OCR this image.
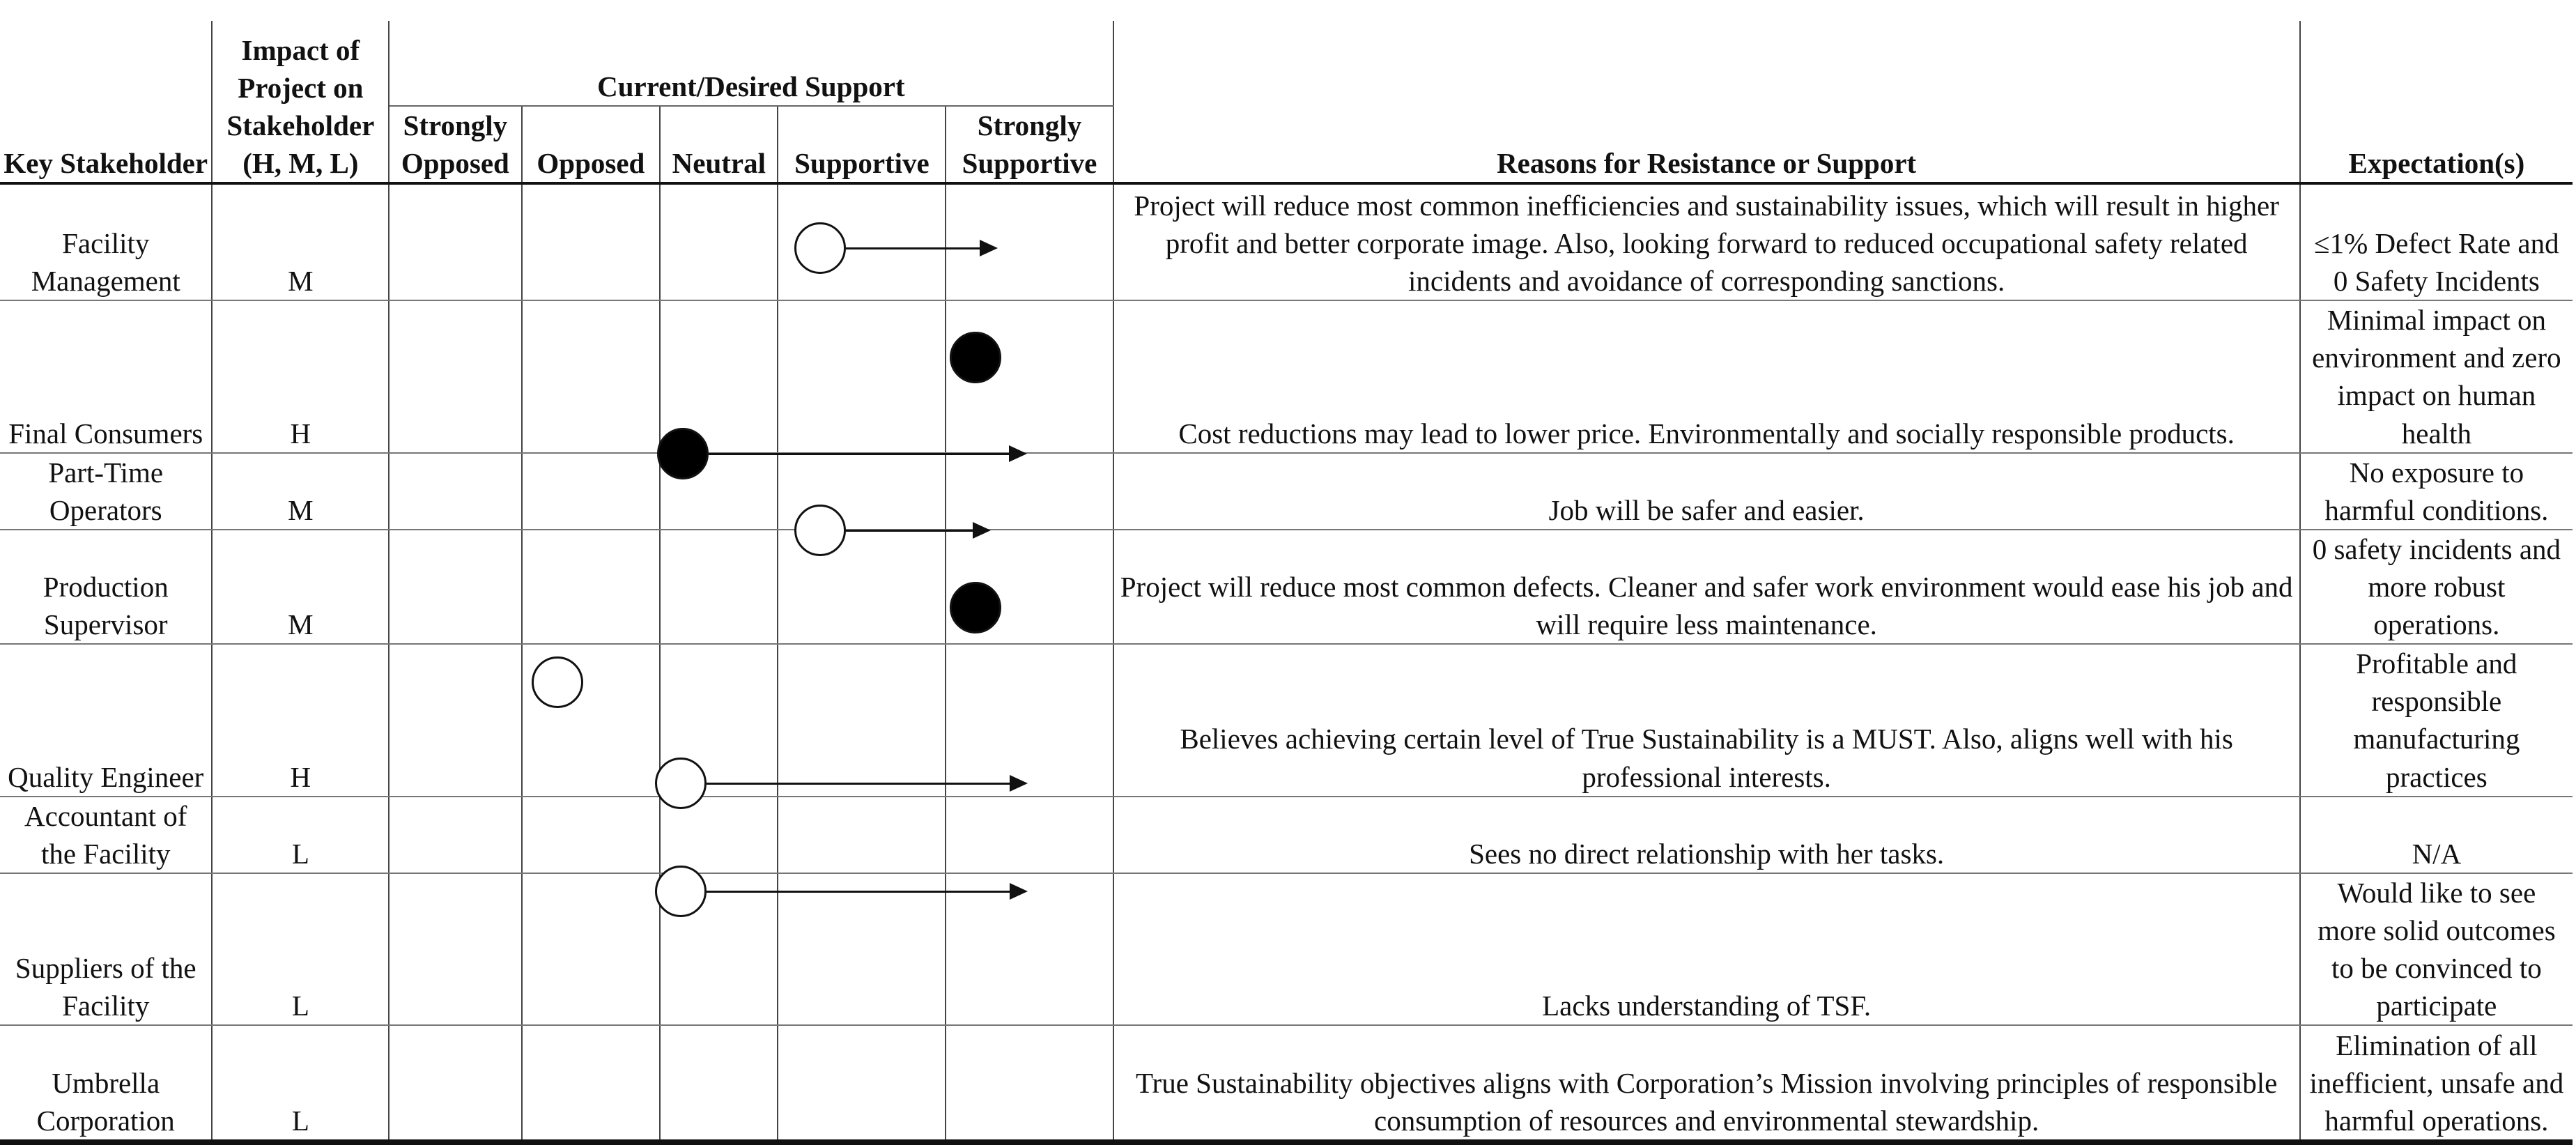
Key Stakeholder	Impact of Project on Stakeholder (H, M, L)	Current/Desired Support					Reasons for Resistance or Support	Expectation(s)
		Strongly Opposed	Opposed	Neutral	Supportive	Strongly Supportive		
Facility Management	M						Project will reduce most common inefficiencies and sustainability issues, which will result in higher profit and better corporate image. Also, looking forward to reduced occupational safety related incidents and avoidance of corresponding sanctions.	≤1% Defect Rate and 0 Safety Incidents
Final Consumers	H						Cost reductions may lead to lower price. Environmentally and socially responsible products.	Minimal impact on environment and zero impact on human health
Part-Time Operators	M						Job will be safer and easier.	No exposure to harmful conditions.
Production Supervisor	M						Project will reduce most common defects. Cleaner and safer work environment would ease his job and will require less maintenance.	0 safety incidents and more robust operations.
Quality Engineer	H						Believes achieving certain level of True Sustainability is a MUST. Also, aligns well with his professional interests.	Profitable and responsible manufacturing practices
Accountant of the Facility	L						Sees no direct relationship with her tasks.	N/A
Suppliers of the Facility	L						Lacks understanding of TSF.	Would like to see more solid outcomes to be convinced to participate
Umbrella Corporation	L						True Sustainability objectives aligns with Corporation’s Mission involving principles of responsible consumption of resources and environmental stewardship.	Elimination of all inefficient, unsafe and harmful operations.
